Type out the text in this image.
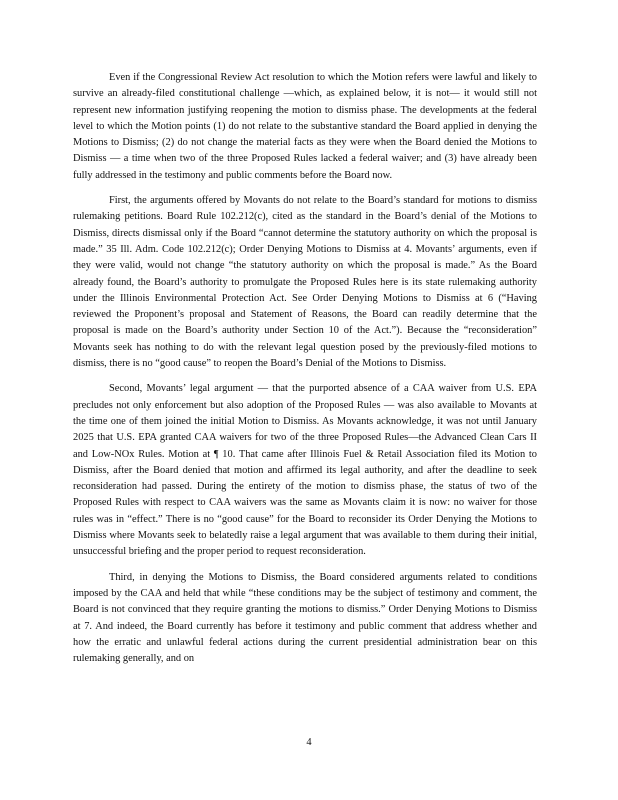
Even if the Congressional Review Act resolution to which the Motion refers were lawful and likely to survive an already-filed constitutional challenge —which, as explained below, it is not— it would still not represent new information justifying reopening the motion to dismiss phase. The developments at the federal level to which the Motion points (1) do not relate to the substantive standard the Board applied in denying the Motions to Dismiss; (2) do not change the material facts as they were when the Board denied the Motions to Dismiss — a time when two of the three Proposed Rules lacked a federal waiver; and (3) have already been fully addressed in the testimony and public comments before the Board now.

First, the arguments offered by Movants do not relate to the Board’s standard for motions to dismiss rulemaking petitions. Board Rule 102.212(c), cited as the standard in the Board’s denial of the Motions to Dismiss, directs dismissal only if the Board “cannot determine the statutory authority on which the proposal is made.” 35 Ill. Adm. Code 102.212(c); Order Denying Motions to Dismiss at 4. Movants’ arguments, even if they were valid, would not change “the statutory authority on which the proposal is made.” As the Board already found, the Board’s authority to promulgate the Proposed Rules here is its state rulemaking authority under the Illinois Environmental Protection Act. See Order Denying Motions to Dismiss at 6 (“Having reviewed the Proponent’s proposal and Statement of Reasons, the Board can readily determine that the proposal is made on the Board’s authority under Section 10 of the Act.”). Because the “reconsideration” Movants seek has nothing to do with the relevant legal question posed by the previously-filed motions to dismiss, there is no “good cause” to reopen the Board’s Denial of the Motions to Dismiss.

Second, Movants’ legal argument — that the purported absence of a CAA waiver from U.S. EPA precludes not only enforcement but also adoption of the Proposed Rules — was also available to Movants at the time one of them joined the initial Motion to Dismiss. As Movants acknowledge, it was not until January 2025 that U.S. EPA granted CAA waivers for two of the three Proposed Rules—the Advanced Clean Cars II and Low-NOx Rules. Motion at ¶ 10. That came after Illinois Fuel & Retail Association filed its Motion to Dismiss, after the Board denied that motion and affirmed its legal authority, and after the deadline to seek reconsideration had passed. During the entirety of the motion to dismiss phase, the status of two of the Proposed Rules with respect to CAA waivers was the same as Movants claim it is now: no waiver for those rules was in “effect.” There is no “good cause” for the Board to reconsider its Order Denying the Motions to Dismiss where Movants seek to belatedly raise a legal argument that was available to them during their initial, unsuccessful briefing and the proper period to request reconsideration.

Third, in denying the Motions to Dismiss, the Board considered arguments related to conditions imposed by the CAA and held that while “these conditions may be the subject of testimony and comment, the Board is not convinced that they require granting the motions to dismiss.” Order Denying Motions to Dismiss at 7. And indeed, the Board currently has before it testimony and public comment that address whether and how the erratic and unlawful federal actions during the current presidential administration bear on this rulemaking generally, and on

4
